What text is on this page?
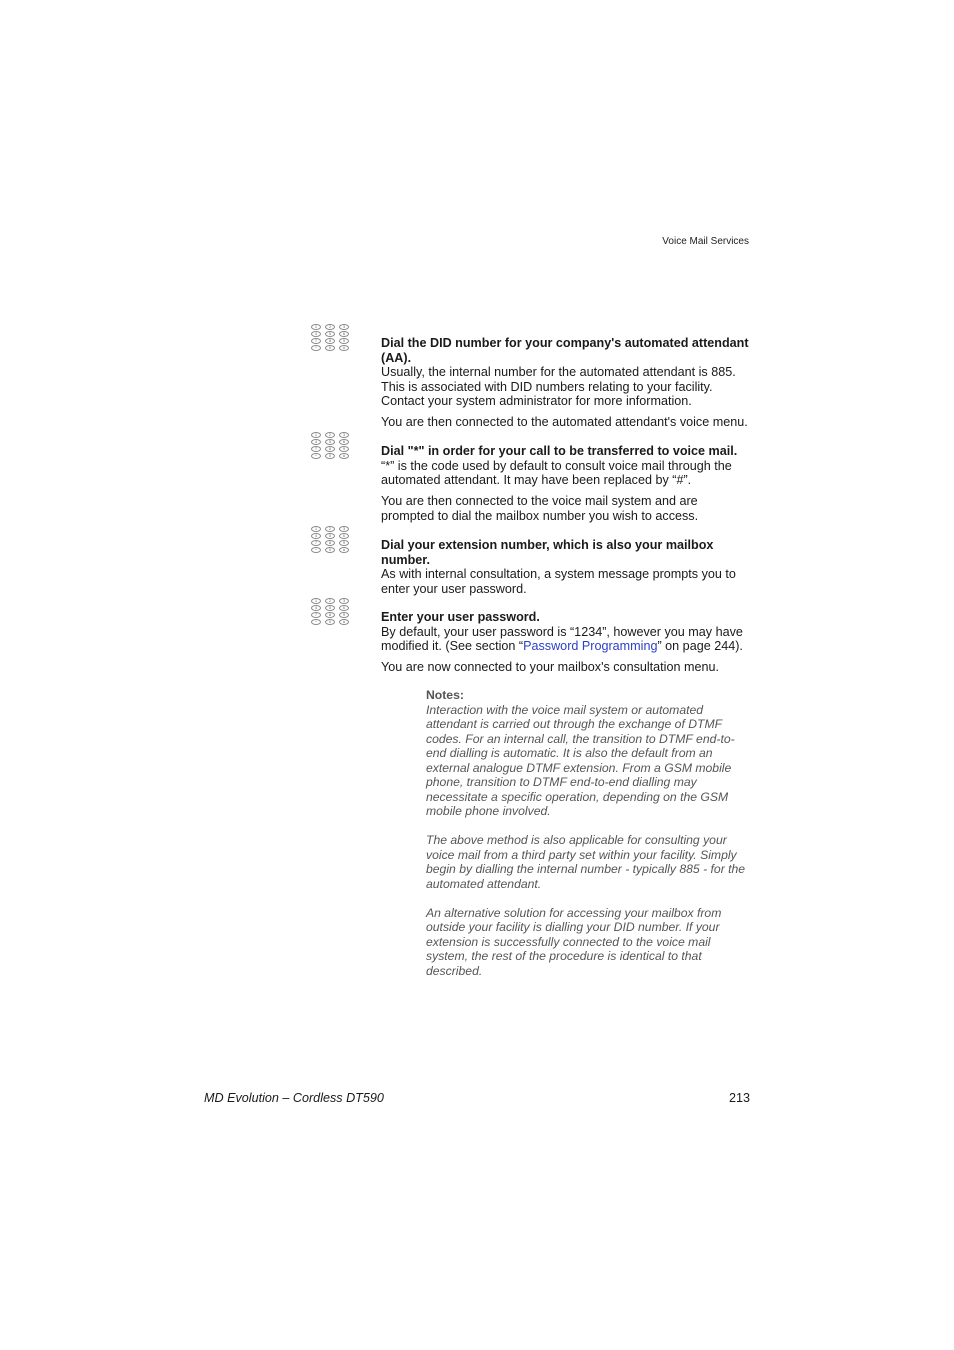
Voice Mail Services
1	2	3
4	5	6
7	8	9
*	0	#
1	2	3
4	5	6
7	8	9
*	0	#
1	2	3
4	5	6
7	8	9
*	0	#
1	2	3
4	5	6
7	8	9
*	0	#
Dial the DID number for your company's automated attendant (AA).
Usually, the internal number for the automated attendant is 885. This is associated with DID numbers relating to your facility. Contact your system administrator for more information.
You are then connected to the automated attendant's voice menu.
Dial "*" in order for your call to be transferred to voice mail.
“*” is the code used by default to consult voice mail through the automated attendant. It may have been replaced by “#”.
You are then connected to the voice mail system and are prompted to dial the mailbox number you wish to access.
Dial your extension number, which is also your mailbox number.
As with internal consultation, a system message prompts you to enter your user password.
Enter your user password.
By default, your user password is “1234”, however you may have modified it. (See section “Password Programming” on page 244).
You are now connected to your mailbox's consultation menu.
Notes:

Interaction with the voice mail system or automated attendant is carried out through the exchange of DTMF codes. For an internal call, the transition to DTMF end-to-end dialling is automatic. It is also the default from an external analogue DTMF extension. From a GSM mobile phone, transition to DTMF end-to-end dialling may necessitate a specific operation, depending on the GSM mobile phone involved.

The above method is also applicable for consulting your voice mail from a third party set within your facility. Simply begin by dialling the internal number - typically 885 - for the automated attendant.

An alternative solution for accessing your mailbox from outside your facility is dialling your DID number. If your extension is successfully connected to the voice mail system, the rest of the procedure is identical to that described.

MD Evolution – Cordless DT590	213
